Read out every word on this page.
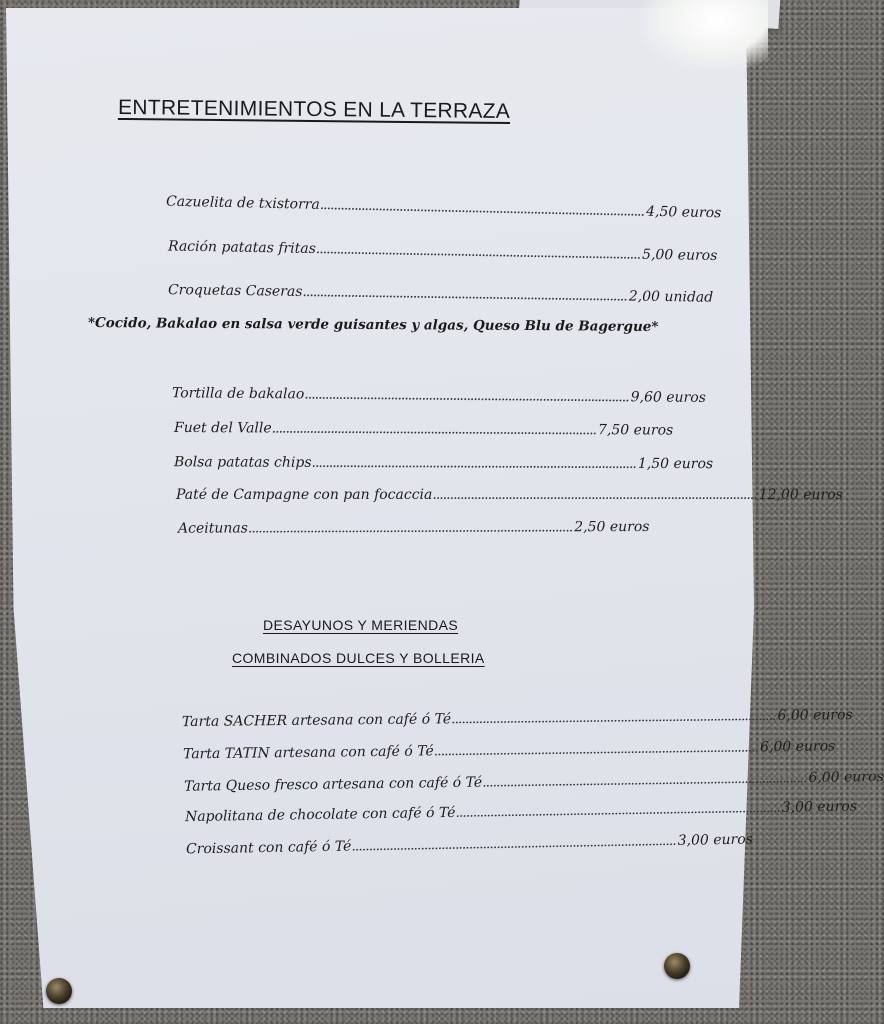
ENTRETENIMIENTOS EN LA TERRAZA
Cazuelita de txistorra .............................................................................................. 4,50 euros
Ración patatas fritas .............................................................................................. 5,00 euros
Croquetas Caseras .............................................................................................. 2,00 unidad
*Cocido, Bakalao en salsa verde guisantes y algas, Queso Blu de Bagergue*
Tortilla de bakalao .............................................................................................. 9,60 euros
Fuet del Valle .............................................................................................. 7,50 euros
Bolsa patatas chips .............................................................................................. 1,50 euros
Paté de Campagne con pan focaccia .............................................................................................. 12,00 euros
Aceitunas .............................................................................................. 2,50 euros
DESAYUNOS Y MERIENDAS
COMBINADOS DULCES Y BOLLERIA
Tarta SACHER artesana con café ó Té .............................................................................................. 6,00 euros
Tarta TATIN artesana con café ó Té .............................................................................................. 6,00 euros
Tarta Queso fresco artesana con café ó Té .............................................................................................. 6,00 euros
Napolitana de chocolate con café ó Té .............................................................................................. 3,00 euros
Croissant con café ó Té .............................................................................................. 3,00 euros
